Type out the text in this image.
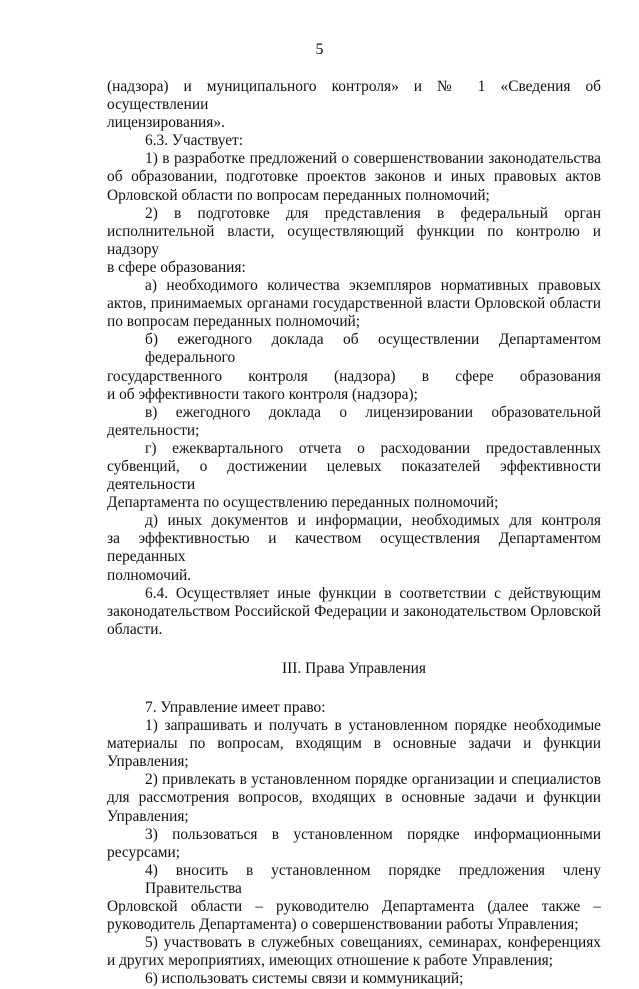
5
(надзора) и муниципального контроля» и № 1 «Сведения об осуществлении
лицензирования».
6.3. Участвует:
1) в разработке предложений о совершенствовании законодательства
об образовании, подготовке проектов законов и иных правовых актов
Орловской области по вопросам переданных полномочий;
2) в подготовке для представления в федеральный орган
исполнительной власти, осуществляющий функции по контролю и надзору
в сфере образования:
а) необходимого количества экземпляров нормативных правовых
актов, принимаемых органами государственной власти Орловской области
по вопросам переданных полномочий;
б) ежегодного доклада об осуществлении Департаментом федерального
государственного контроля (надзора) в сфере образования
и об эффективности такого контроля (надзора);
в) ежегодного доклада о лицензировании образовательной
деятельности;
г) ежеквартального отчета о расходовании предоставленных
субвенций, о достижении целевых показателей эффективности деятельности
Департамента по осуществлению переданных полномочий;
д) иных документов и информации, необходимых для контроля
за эффективностью и качеством осуществления Департаментом переданных
полномочий.
6.4. Осуществляет иные функции в соответствии с действующим
законодательством Российской Федерации и законодательством Орловской
области.
III. Права Управления
7. Управление имеет право:
1) запрашивать и получать в установленном порядке необходимые
материалы по вопросам, входящим в основные задачи и функции
Управления;
2) привлекать в установленном порядке организации и специалистов
для рассмотрения вопросов, входящих в основные задачи и функции
Управления;
3) пользоваться в установленном порядке информационными
ресурсами;
4) вносить в установленном порядке предложения члену Правительства
Орловской области – руководителю Департамента (далее также –
руководитель Департамента) о совершенствовании работы Управления;
5) участвовать в служебных совещаниях, семинарах, конференциях
и других мероприятиях, имеющих отношение к работе Управления;
6) использовать системы связи и коммуникаций;
